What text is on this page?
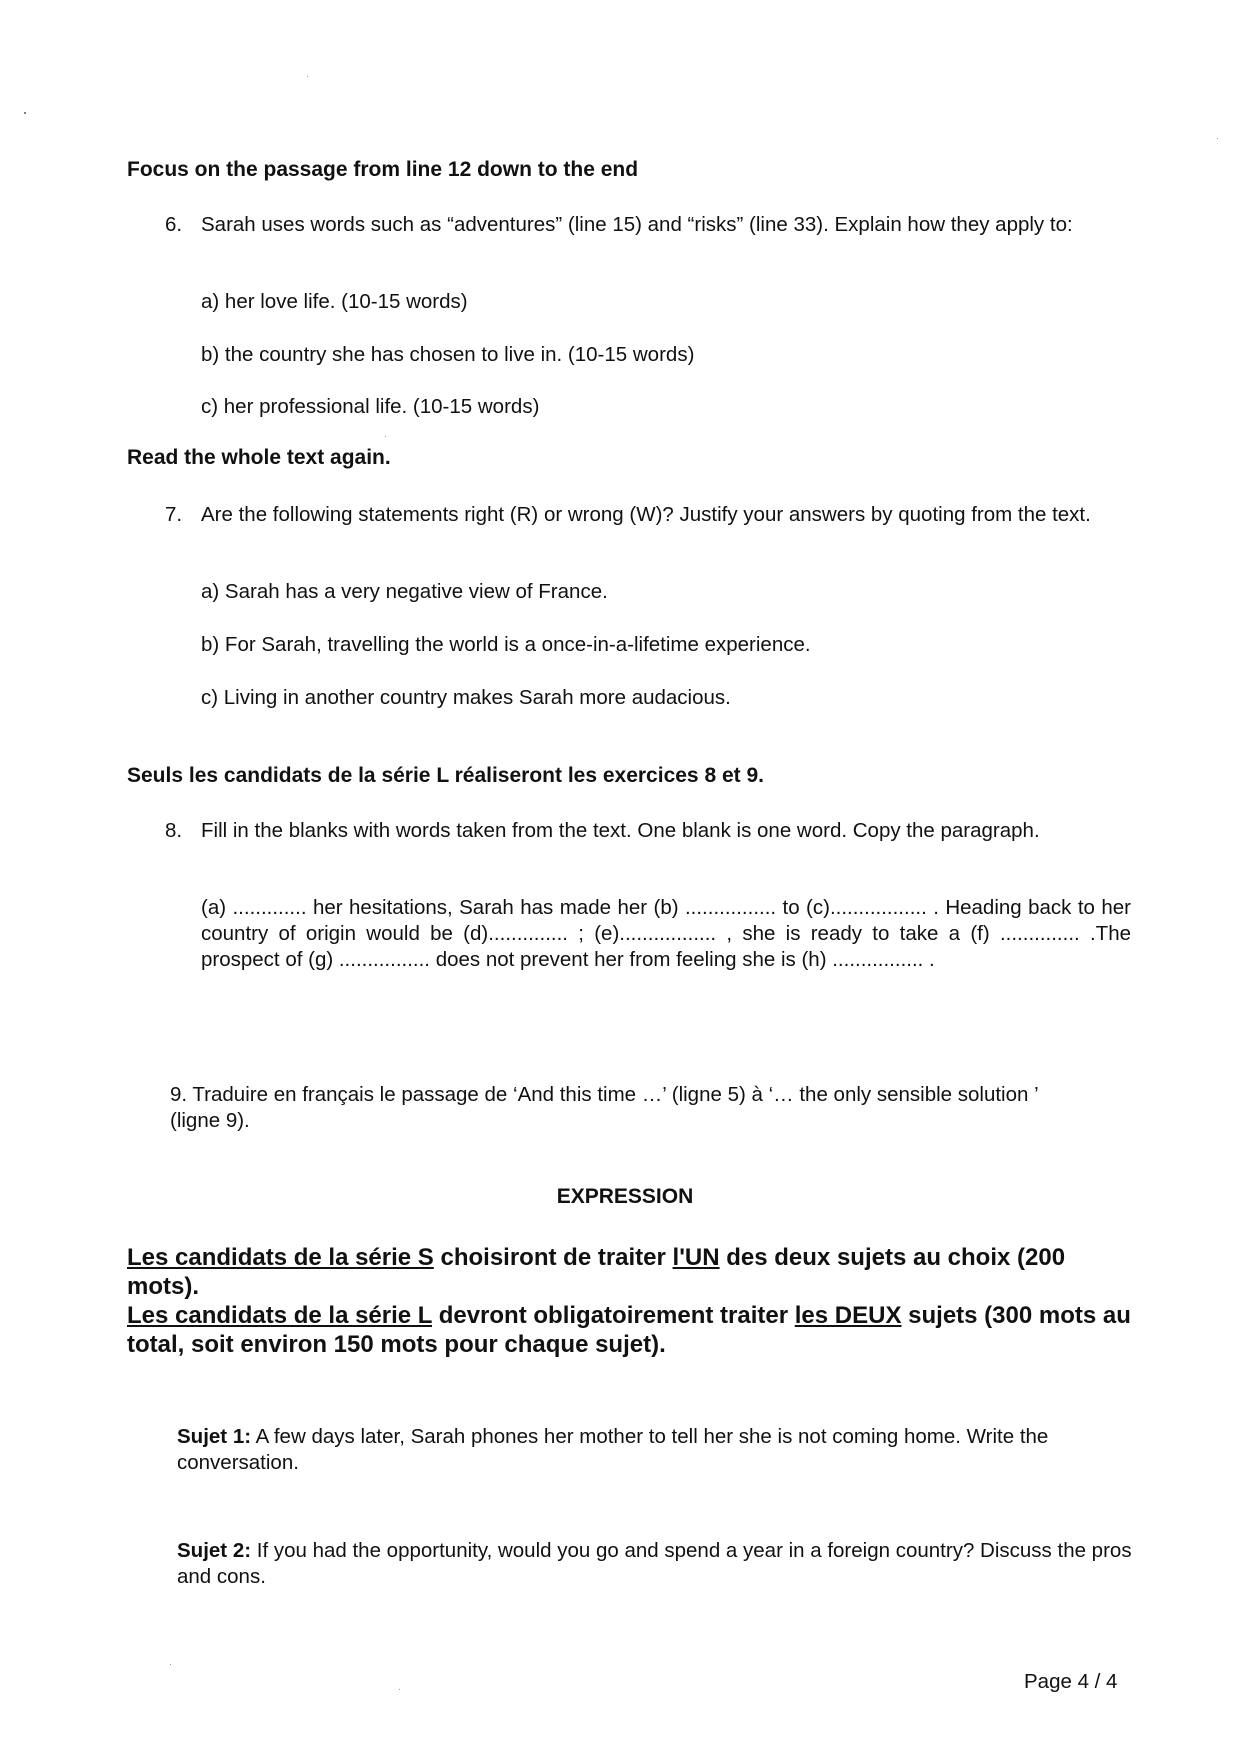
Focus on the passage from line 12 down to the end

6. Sarah uses words such as “adventures” (line 15) and “risks” (line 33). Explain how they apply to:

a) her love life. (10-15 words)

b) the country she has chosen to live in. (10-15 words)

c) her professional life. (10-15 words)

Read the whole text again.

7. Are the following statements right (R) or wrong (W)? Justify your answers by quoting from the text.

a) Sarah has a very negative view of France.

b) For Sarah, travelling the world is a once-in-a-lifetime experience.

c) Living in another country makes Sarah more audacious.

Seuls les candidats de la série L réaliseront les exercices 8 et 9.

8. Fill in the blanks with words taken from the text. One blank is one word. Copy the paragraph.

(a) ............. her hesitations, Sarah has made her (b) ................ to (c)................. . Heading back to her country of origin would be (d).............. ; (e)................. , she is ready to take a (f) .............. .The prospect of (g) ................ does not prevent her from feeling she is (h) ................ .

9. Traduire en français le passage de ‘And this time …’ (ligne 5) à ‘… the only sensible solution ’ (ligne 9).

EXPRESSION

Les candidats de la série S choisiront de traiter l'UN des deux sujets au choix (200 mots).

Les candidats de la série L devront obligatoirement traiter les DEUX sujets (300 mots au total, soit environ 150 mots pour chaque sujet).

Sujet 1: A few days later, Sarah phones her mother to tell her she is not coming home. Write the conversation.

Sujet 2: If you had the opportunity, would you go and spend a year in a foreign country? Discuss the pros and cons.

Page 4 / 4
